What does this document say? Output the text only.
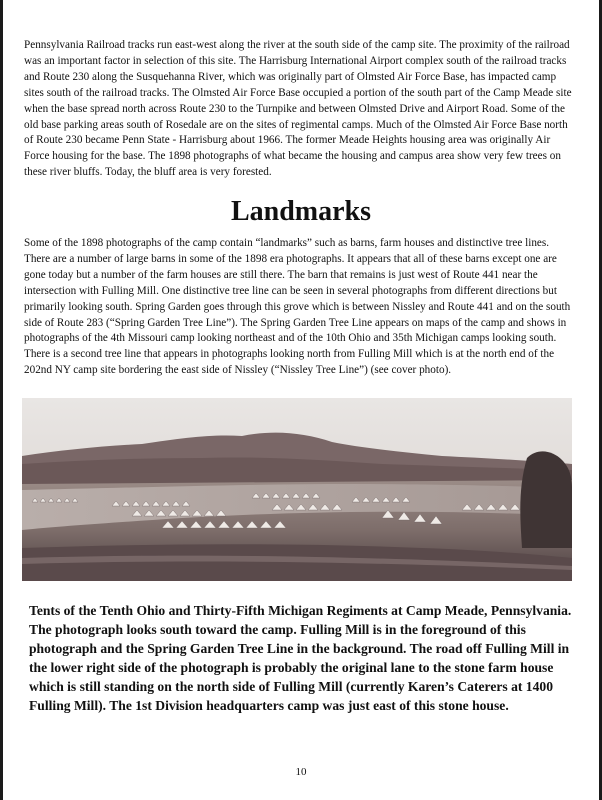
Pennsylvania Railroad tracks run east-west along the river at the south side of the camp site. The proximity of the railroad was an important factor in selection of this site. The Harrisburg International Airport complex south of the railroad tracks and Route 230 along the Susquehanna River, which was originally part of Olmsted Air Force Base, has impacted camp sites south of the railroad tracks. The Olmsted Air Force Base occupied a portion of the south part of the Camp Meade site when the base spread north across Route 230 to the Turnpike and between Olmsted Drive and Airport Road. Some of the old base parking areas south of Rosedale are on the sites of regimental camps. Much of the Olmsted Air Force Base north of Route 230 became Penn State - Harrisburg about 1966. The former Meade Heights housing area was originally Air Force housing for the base. The 1898 photographs of what became the housing and campus area show very few trees on these river bluffs. Today, the bluff area is very forested.

Landmarks

Some of the 1898 photographs of the camp contain “landmarks” such as barns, farm houses and distinctive tree lines. There are a number of large barns in some of the 1898 era photographs. It appears that all of these barns except one are gone today but a number of the farm houses are still there. The barn that remains is just west of Route 441 near the intersection with Fulling Mill. One distinctive tree line can be seen in several photographs from different directions but primarily looking south. Spring Garden goes through this grove which is between Nissley and Route 441 and on the south side of Route 283 (“Spring Garden Tree Line”). The Spring Garden Tree Line appears on maps of the camp and shows in photographs of the 4th Missouri camp looking northeast and of the 10th Ohio and 35th Michigan camps looking south. There is a second tree line that appears in photographs looking north from Fulling Mill which is at the north end of the 202nd NY camp site bordering the east side of Nissley (“Nissley Tree Line”) (see cover photo).

Tents of the Tenth Ohio and Thirty-Fifth Michigan Regiments at Camp Meade, Pennsylvania. The photograph looks south toward the camp. Fulling Mill is in the foreground of this photograph and the Spring Garden Tree Line in the background. The road off Fulling Mill in the lower right side of the photograph is probably the original lane to the stone farm house which is still standing on the north side of Fulling Mill (currently Karen’s Caterers at 1400 Fulling Mill). The 1st Division headquarters camp was just east of this stone house.

10
